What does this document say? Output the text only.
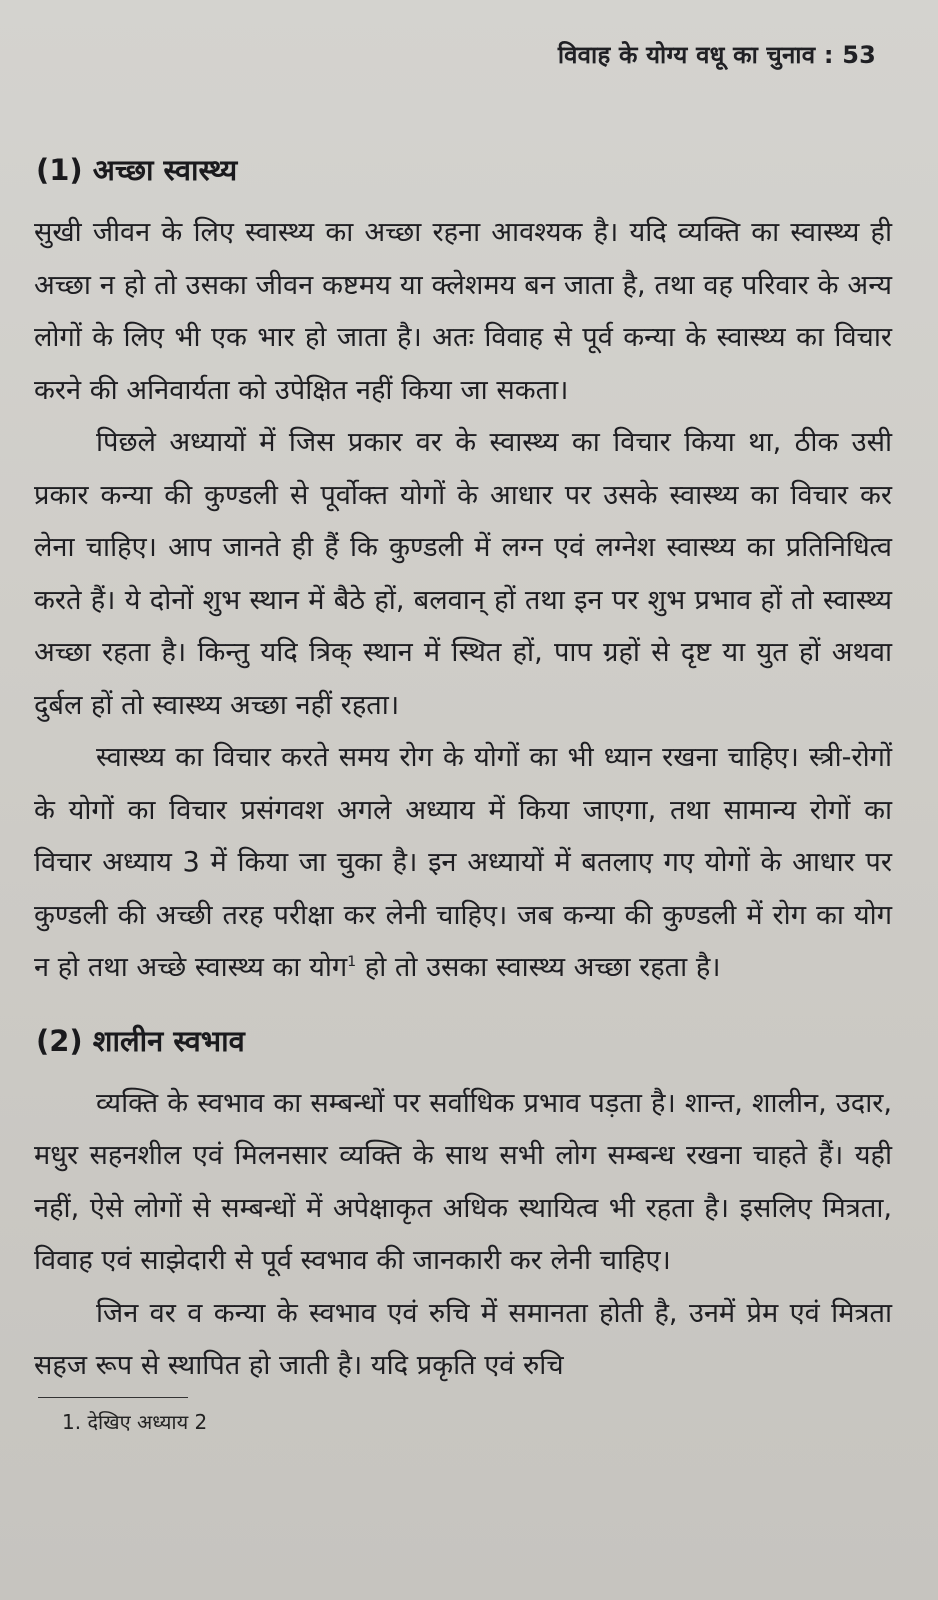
विवाह के योग्य वधू का चुनाव : 53
(1) अच्छा स्वास्थ्य

सुखी जीवन के लिए स्वास्थ्य का अच्छा रहना आवश्यक है। यदि व्यक्ति का स्वास्थ्य ही अच्छा न हो तो उसका जीवन कष्टमय या क्लेशमय बन जाता है, तथा वह परिवार के अन्य लोगों के लिए भी एक भार हो जाता है। अतः विवाह से पूर्व कन्या के स्वास्थ्य का विचार करने की अनिवार्यता को उपेक्षित नहीं किया जा सकता।

पिछले अध्यायों में जिस प्रकार वर के स्वास्थ्य का विचार किया था, ठीक उसी प्रकार कन्या की कुण्डली से पूर्वोक्त योगों के आधार पर उसके स्वास्थ्य का विचार कर लेना चाहिए। आप जानते ही हैं कि कुण्डली में लग्न एवं लग्नेश स्वास्थ्य का प्रतिनिधित्व करते हैं। ये दोनों शुभ स्थान में बैठे हों, बलवान् हों तथा इन पर शुभ प्रभाव हों तो स्वास्थ्य अच्छा रहता है। किन्तु यदि त्रिक् स्थान में स्थित हों, पाप ग्रहों से दृष्ट या युत हों अथवा दुर्बल हों तो स्वास्थ्य अच्छा नहीं रहता।

स्वास्थ्य का विचार करते समय रोग के योगों का भी ध्यान रखना चाहिए। स्त्री-रोगों के योगों का विचार प्रसंगवश अगले अध्याय में किया जाएगा, तथा सामान्य रोगों का विचार अध्याय 3 में किया जा चुका है। इन अध्यायों में बतलाए गए योगों के आधार पर कुण्डली की अच्छी तरह परीक्षा कर लेनी चाहिए। जब कन्या की कुण्डली में रोग का योग न हो तथा अच्छे स्वास्थ्य का योग$^1$ हो तो उसका स्वास्थ्य अच्छा रहता है।

(2) शालीन स्वभाव

व्यक्ति के स्वभाव का सम्बन्धों पर सर्वाधिक प्रभाव पड़ता है। शान्त, शालीन, उदार, मधुर सहनशील एवं मिलनसार व्यक्ति के साथ सभी लोग सम्बन्ध रखना चाहते हैं। यही नहीं, ऐसे लोगों से सम्बन्धों में अपेक्षाकृत अधिक स्थायित्व भी रहता है। इसलिए मित्रता, विवाह एवं साझेदारी से पूर्व स्वभाव की जानकारी कर लेनी चाहिए।

जिन वर व कन्या के स्वभाव एवं रुचि में समानता होती है, उनमें प्रेम एवं मित्रता सहज रूप से स्थापित हो जाती है। यदि प्रकृति एवं रुचि

1. देखिए अध्याय 2
